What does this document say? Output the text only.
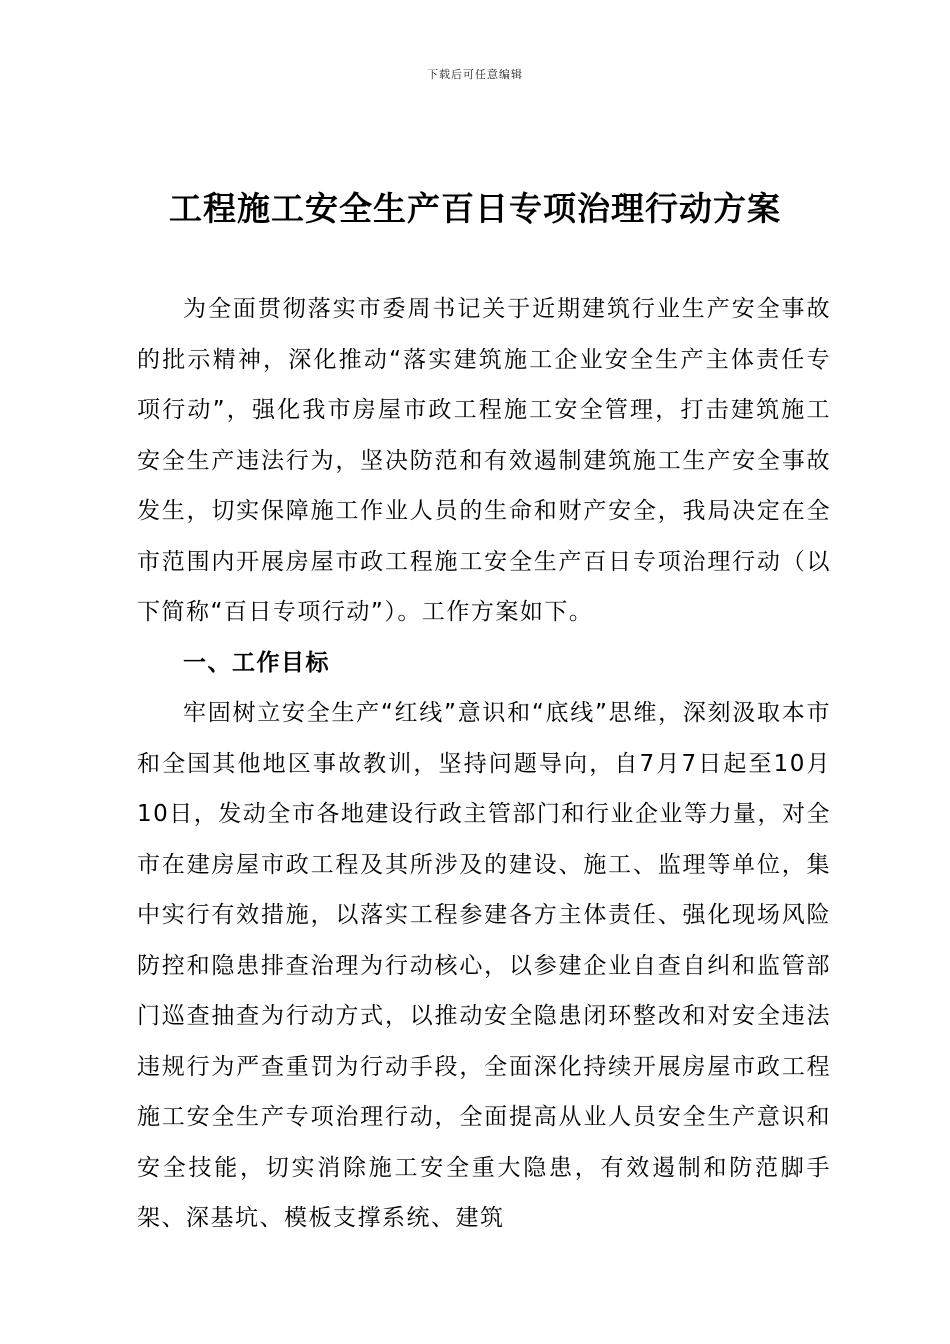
下载后可任意编辑
工程施工安全生产百日专项治理行动方案

为全面贯彻落实市委周书记关于近期建筑行业生产安全事故的批示精神，深化推动“落实建筑施工企业安全生产主体责任专项行动”，强化我市房屋市政工程施工安全管理，打击建筑施工安全生产违法行为，坚决防范和有效遏制建筑施工生产安全事故发生，切实保障施工作业人员的生命和财产安全，我局决定在全市范围内开展房屋市政工程施工安全生产百日专项治理行动（以下简称“百日专项行动”）。工作方案如下。

一、工作目标

牢固树立安全生产“红线”意识和“底线”思维，深刻汲取本市和全国其他地区事故教训，坚持问题导向，自7月7日起至10月10日，发动全市各地建设行政主管部门和行业企业等力量，对全市在建房屋市政工程及其所涉及的建设、施工、监理等单位，集中实行有效措施，以落实工程参建各方主体责任、强化现场风险防控和隐患排查治理为行动核心，以参建企业自查自纠和监管部门巡查抽查为行动方式，以推动安全隐患闭环整改和对安全违法违规行为严查重罚为行动手段，全面深化持续开展房屋市政工程施工安全生产专项治理行动，全面提高从业人员安全生产意识和安全技能，切实消除施工安全重大隐患，有效遏制和防范脚手架、深基坑、模板支撑系统、建筑
